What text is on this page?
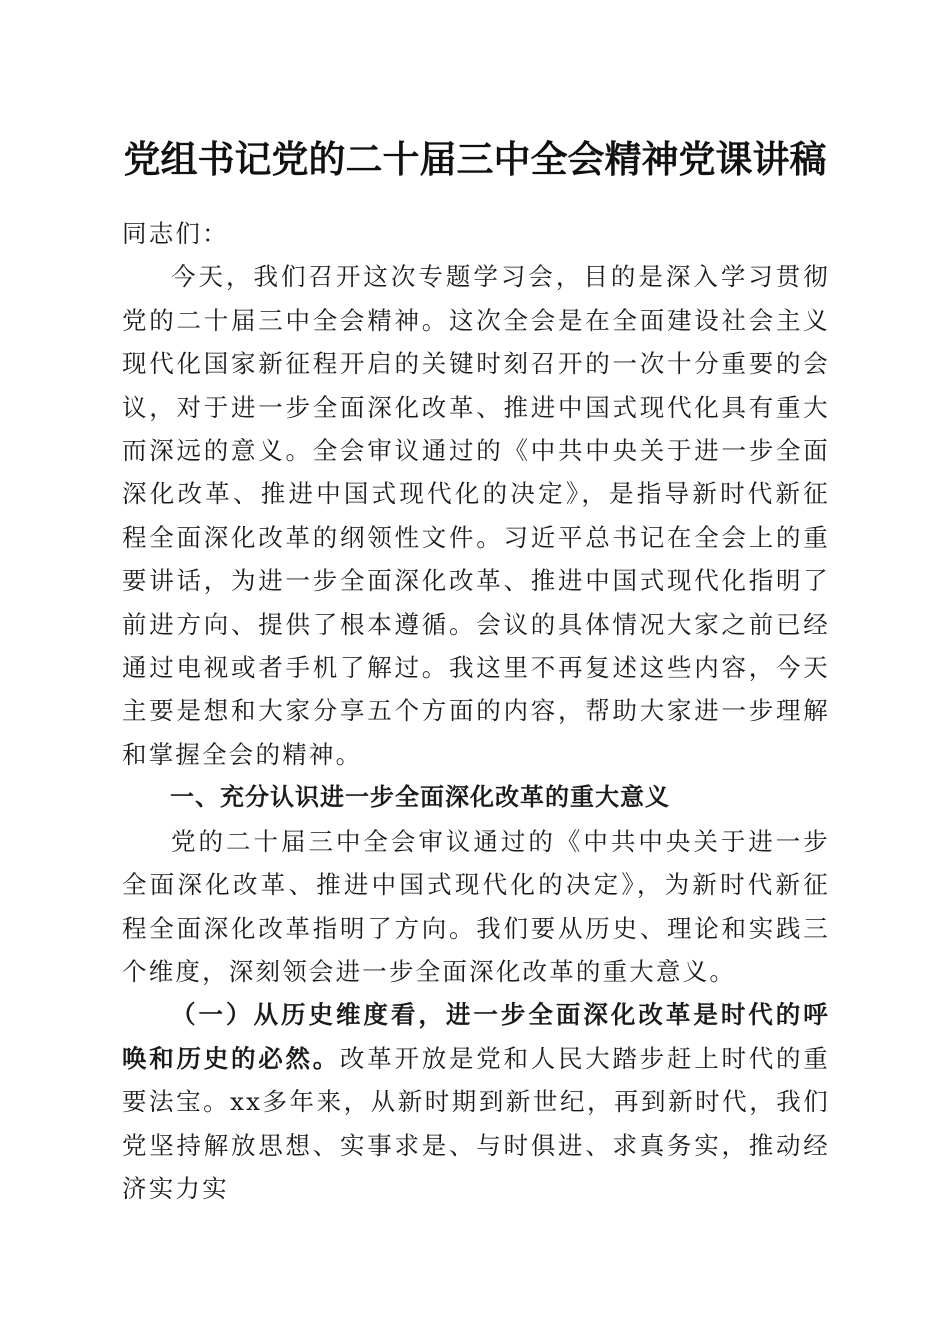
党组书记党的二十届三中全会精神党课讲稿

同志们：

今天，我们召开这次专题学习会，目的是深入学习贯彻党的二十届三中全会精神。这次全会是在全面建设社会主义现代化国家新征程开启的关键时刻召开的一次十分重要的会议，对于进一步全面深化改革、推进中国式现代化具有重大而深远的意义。全会审议通过的《中共中央关于进一步全面深化改革、推进中国式现代化的决定》，是指导新时代新征程全面深化改革的纲领性文件。习近平总书记在全会上的重要讲话，为进一步全面深化改革、推进中国式现代化指明了前进方向、提供了根本遵循。会议的具体情况大家之前已经通过电视或者手机了解过。我这里不再复述这些内容，今天主要是想和大家分享五个方面的内容，帮助大家进一步理解和掌握全会的精神。

一、充分认识进一步全面深化改革的重大意义

党的二十届三中全会审议通过的《中共中央关于进一步全面深化改革、推进中国式现代化的决定》，为新时代新征程全面深化改革指明了方向。我们要从历史、理论和实践三个维度，深刻领会进一步全面深化改革的重大意义。

（一）从历史维度看，进一步全面深化改革是时代的呼唤和历史的必然。改革开放是党和人民大踏步赶上时代的重要法宝。xx多年来，从新时期到新世纪，再到新时代，我们党坚持解放思想、实事求是、与时俱进、求真务实，推动经济实力实
